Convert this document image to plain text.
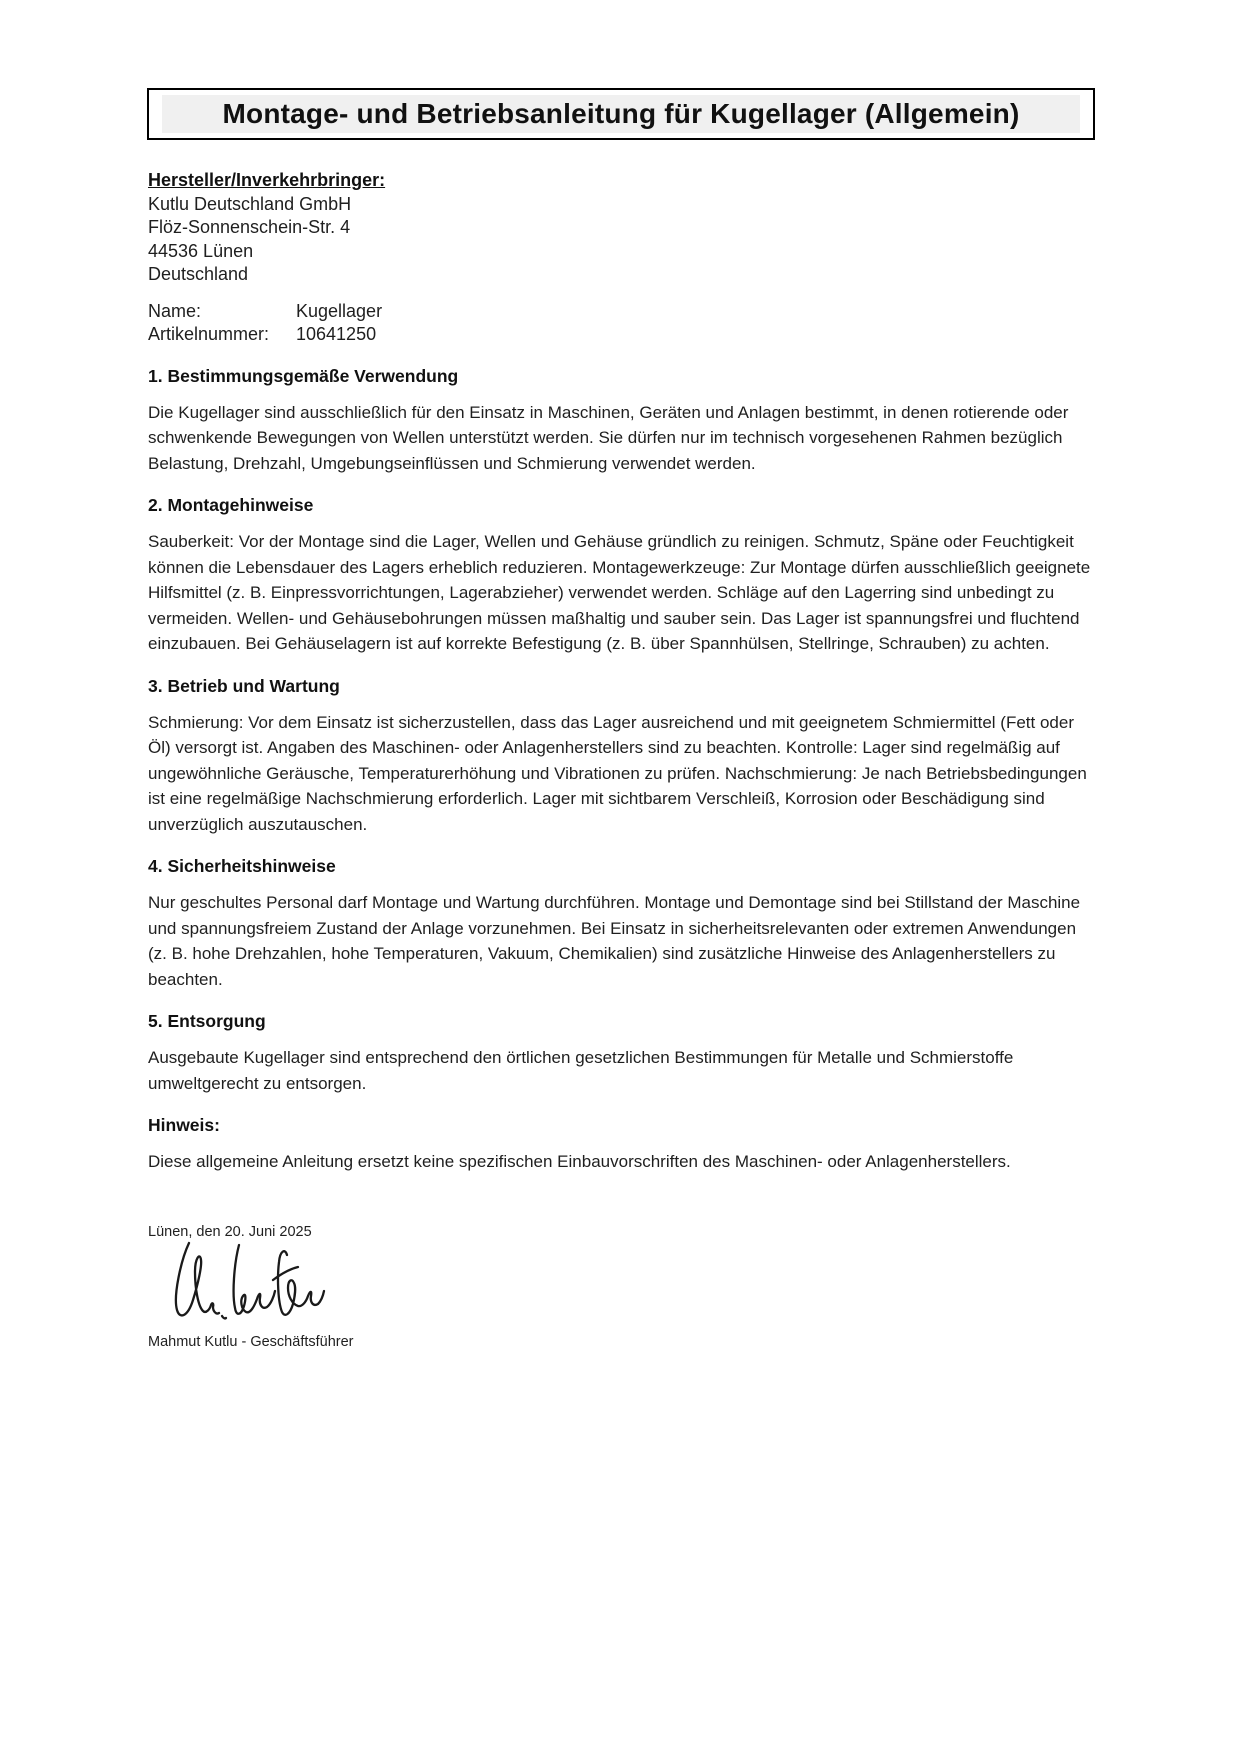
Montage- und Betriebsanleitung für Kugellager (Allgemein)

Hersteller/Inverkehrbringer:

Kutlu Deutschland GmbH

Flöz-Sonnenschein-Str. 4

44536 Lünen

Deutschland

Name:	Kugellager
Artikelnummer:	10641250
1. Bestimmungsgemäße Verwendung

Die Kugellager sind ausschließlich für den Einsatz in Maschinen, Geräten und Anlagen bestimmt, in denen rotierende oder schwenkende Bewegungen von Wellen unterstützt werden. Sie dürfen nur im technisch vorgesehenen Rahmen bezüglich Belastung, Drehzahl, Umgebungseinflüssen und Schmierung verwendet werden.

2. Montagehinweise

Sauberkeit: Vor der Montage sind die Lager, Wellen und Gehäuse gründlich zu reinigen. Schmutz, Späne oder Feuchtigkeit können die Lebensdauer des Lagers erheblich reduzieren. Montagewerkzeuge: Zur Montage dürfen ausschließlich geeignete Hilfsmittel (z. B. Einpressvorrichtungen, Lagerabzieher) verwendet werden. Schläge auf den Lagerring sind unbedingt zu vermeiden. Wellen- und Gehäusebohrungen müssen maßhaltig und sauber sein. Das Lager ist spannungsfrei und fluchtend einzubauen. Bei Gehäuselagern ist auf korrekte Befestigung (z. B. über Spannhülsen, Stellringe, Schrauben) zu achten.

3. Betrieb und Wartung

Schmierung: Vor dem Einsatz ist sicherzustellen, dass das Lager ausreichend und mit geeignetem Schmiermittel (Fett oder Öl) versorgt ist. Angaben des Maschinen- oder Anlagenherstellers sind zu beachten. Kontrolle: Lager sind regelmäßig auf ungewöhnliche Geräusche, Temperaturerhöhung und Vibrationen zu prüfen. Nachschmierung: Je nach Betriebsbedingungen ist eine regelmäßige Nachschmierung erforderlich. Lager mit sichtbarem Verschleiß, Korrosion oder Beschädigung sind unverzüglich auszutauschen.

4. Sicherheitshinweise

Nur geschultes Personal darf Montage und Wartung durchführen. Montage und Demontage sind bei Stillstand der Maschine und spannungsfreiem Zustand der Anlage vorzunehmen. Bei Einsatz in sicherheitsrelevanten oder extremen Anwendungen (z. B. hohe Drehzahlen, hohe Temperaturen, Vakuum, Chemikalien) sind zusätzliche Hinweise des Anlagenherstellers zu beachten.

5. Entsorgung

Ausgebaute Kugellager sind entsprechend den örtlichen gesetzlichen Bestimmungen für Metalle und Schmierstoffe umweltgerecht zu entsorgen.

Hinweis:

Diese allgemeine Anleitung ersetzt keine spezifischen Einbauvorschriften des Maschinen- oder Anlagenherstellers.

Lünen, den 20. Juni 2025

Mahmut Kutlu - Geschäftsführer
